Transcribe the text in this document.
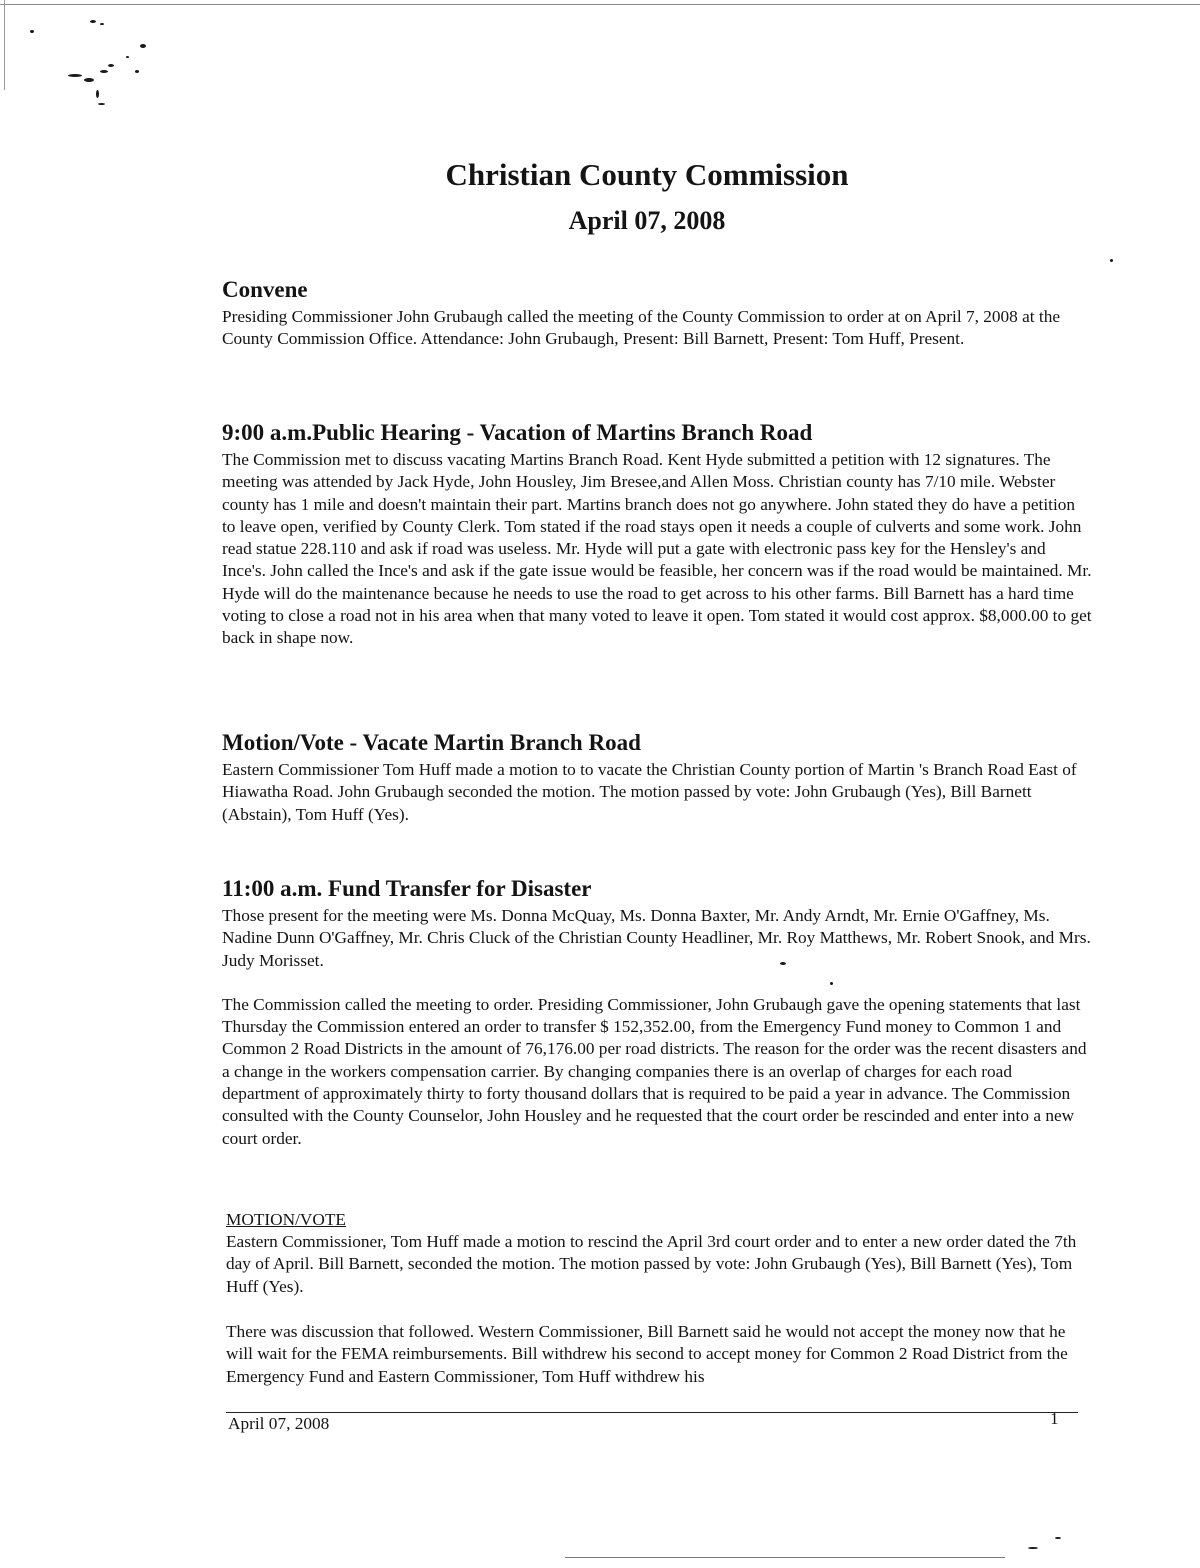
Christian County Commission
April 07, 2008
Convene

Presiding Commissioner John Grubaugh called the meeting of the County Commission to order at on April 7, 2008 at the County Commission Office. Attendance: John Grubaugh, Present: Bill Barnett, Present: Tom Huff, Present.

9:00 a.m.Public Hearing - Vacation of Martins Branch Road

The Commission met to discuss vacating Martins Branch Road. Kent Hyde submitted a petition with 12 signatures. The meeting was attended by Jack Hyde, John Housley, Jim Bresee,and Allen Moss. Christian county has 7/10 mile. Webster county has 1 mile and doesn't maintain their part. Martins branch does not go anywhere. John stated they do have a petition to leave open, verified by County Clerk. Tom stated if the road stays open it needs a couple of culverts and some work. John read statue 228.110 and ask if road was useless. Mr. Hyde will put a gate with electronic pass key for the Hensley's and Ince's. John called the Ince's and ask if the gate issue would be feasible, her concern was if the road would be maintained. Mr. Hyde will do the maintenance because he needs to use the road to get across to his other farms. Bill Barnett has a hard time voting to close a road not in his area when that many voted to leave it open. Tom stated it would cost approx. $8,000.00 to get back in shape now.

Motion/Vote - Vacate Martin Branch Road

Eastern Commissioner Tom Huff made a motion to to vacate the Christian County portion of Martin 's Branch Road East of Hiawatha Road. John Grubaugh seconded the motion. The motion passed by vote: John Grubaugh (Yes), Bill Barnett (Abstain), Tom Huff (Yes).

11:00 a.m. Fund Transfer for Disaster

Those present for the meeting were Ms. Donna McQuay, Ms. Donna Baxter, Mr. Andy Arndt, Mr. Ernie O'Gaffney, Ms. Nadine Dunn O'Gaffney, Mr. Chris Cluck of the Christian County Headliner, Mr. Roy Matthews, Mr. Robert Snook, and Mrs. Judy Morisset.

The Commission called the meeting to order. Presiding Commissioner, John Grubaugh gave the opening statements that last Thursday the Commission entered an order to transfer $ 152,352.00, from the Emergency Fund money to Common 1 and Common 2 Road Districts in the amount of 76,176.00 per road districts. The reason for the order was the recent disasters and a change in the workers compensation carrier. By changing companies there is an overlap of charges for each road department of approximately thirty to forty thousand dollars that is required to be paid a year in advance. The Commission consulted with the County Counselor, John Housley and he requested that the court order be rescinded and enter into a new court order.

MOTION/VOTE

Eastern Commissioner, Tom Huff made a motion to rescind the April 3rd court order and to enter a new order dated the 7th day of April. Bill Barnett, seconded the motion. The motion passed by vote: John Grubaugh (Yes), Bill Barnett (Yes), Tom Huff (Yes).

There was discussion that followed. Western Commissioner, Bill Barnett said he would not accept the money now that he will wait for the FEMA reimbursements. Bill withdrew his second to accept money for Common 2 Road District from the Emergency Fund and Eastern Commissioner, Tom Huff withdrew his
April 07, 2008	1
